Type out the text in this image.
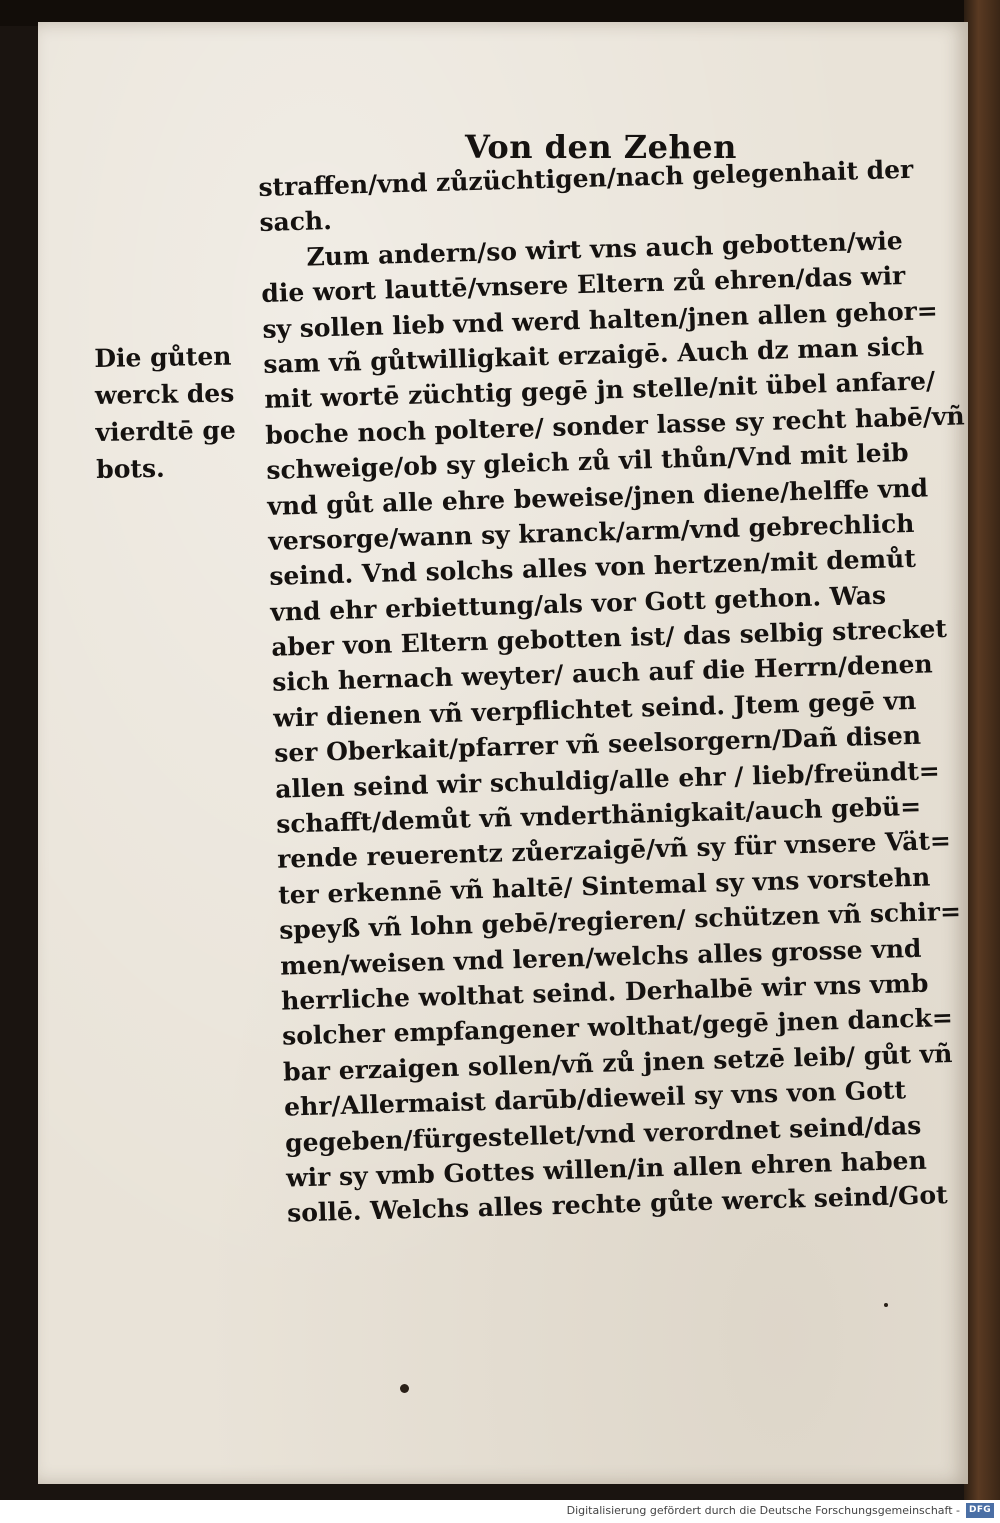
Von den Zehen
Die gůten
werck des
vierdtē ge
bots.
straffen/vnd zůzüchtigen/nach gelegenhait der
sach.
Zum andern/so wirt vns auch gebotten/wie
die wort lauttē/vnsere Eltern zů ehren/das wir
sy sollen lieb vnd werd halten/jnen allen gehor=
sam vñ gůtwilligkait erzaigē. Auch dz man sich
mit wortē züchtig gegē jn stelle/nit übel anfare/
boche noch poltere/ sonder lasse sy recht habē/vñ
schweige/ob sy gleich zů vil thůn/Vnd mit leib
vnd gůt alle ehre beweise/jnen diene/helffe vnd
versorge/wann sy kranck/arm/vnd gebrechlich
seind. Vnd solchs alles von hertzen/mit demůt
vnd ehr erbiettung/als vor Gott gethon. Was
aber von Eltern gebotten ist/ das selbig strecket
sich hernach weyter/ auch auf die Herrn/denen
wir dienen vñ verpflichtet seind. Jtem gegē vn
ser Oberkait/pfarrer vñ seelsorgern/Dañ disen
allen seind wir schuldig/alle ehr / lieb/freündt=
schafft/demůt vñ vnderthänigkait/auch gebü=
rende reuerentz zůerzaigē/vñ sy für vnsere Vät=
ter erkennē vñ haltē/ Sintemal sy vns vorstehn
speyß vñ lohn gebē/regieren/ schützen vñ schir=
men/weisen vnd leren/welchs alles grosse vnd
herrliche wolthat seind. Derhalbē wir vns vmb
solcher empfangener wolthat/gegē jnen danck=
bar erzaigen sollen/vñ zů jnen setzē leib/ gůt vñ
ehr/Allermaist darūb/dieweil sy vns von Gott
gegeben/fürgestellet/vnd verordnet seind/das
wir sy vmb Gottes willen/in allen ehren haben
sollē. Welchs alles rechte gůte werck seind/Got
Digitalisierung gefördert durch die Deutsche Forschungsgemeinschaft -	DFG
